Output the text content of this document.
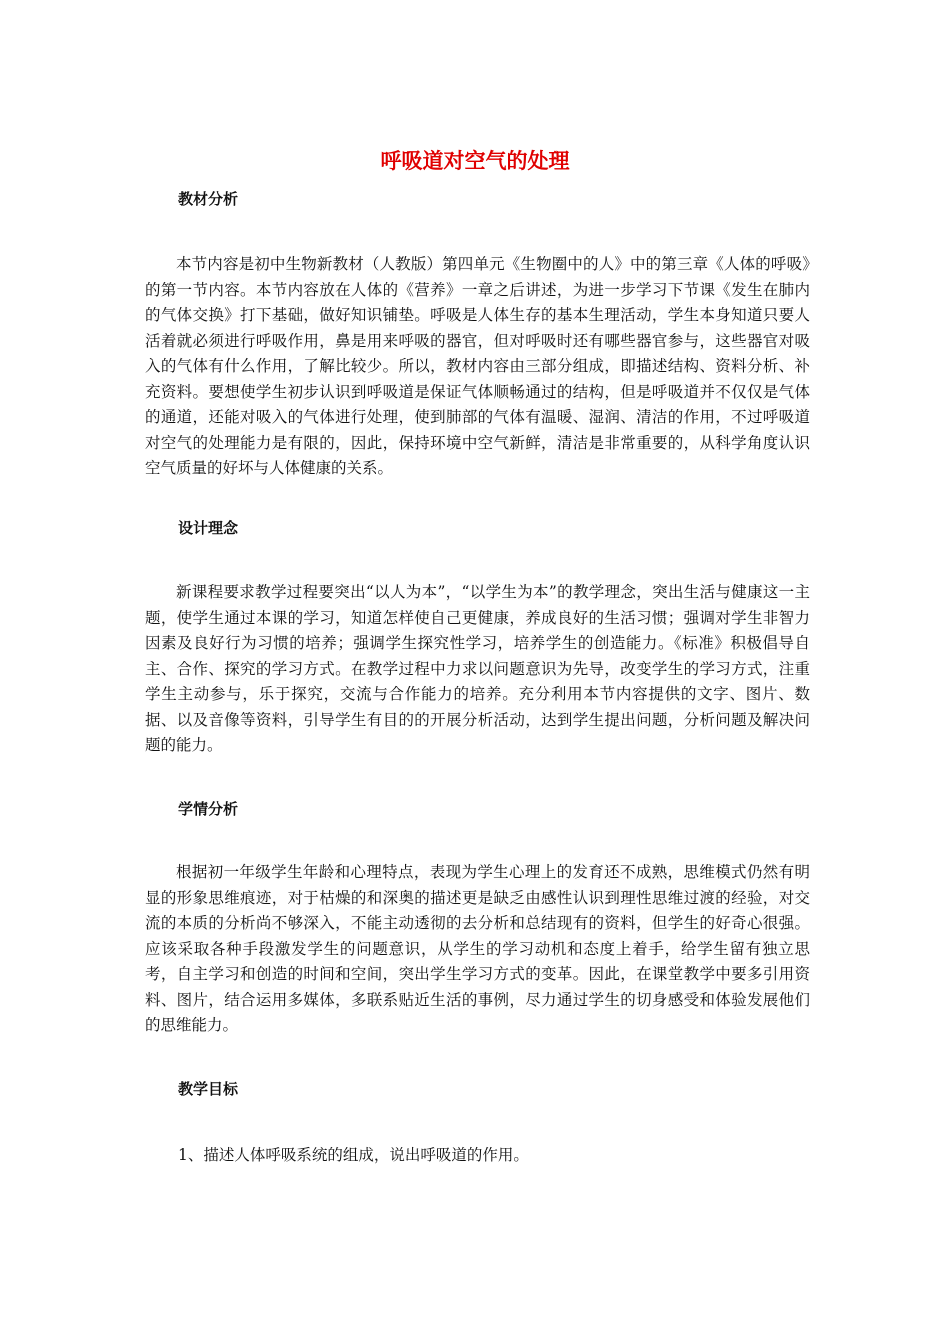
呼吸道对空气的处理
教材分析
本节内容是初中生物新教材（人教版）第四单元《生物圈中的人》中的第三章《人体的呼吸》的第一节内容。本节内容放在人体的《营养》一章之后讲述，为进一步学习下节课《发生在肺内的气体交换》打下基础，做好知识铺垫。呼吸是人体生存的基本生理活动，学生本身知道只要人活着就必须进行呼吸作用，鼻是用来呼吸的器官，但对呼吸时还有哪些器官参与，这些器官对吸入的气体有什么作用，了解比较少。所以，教材内容由三部分组成，即描述结构、资料分析、补充资料。要想使学生初步认识到呼吸道是保证气体顺畅通过的结构，但是呼吸道并不仅仅是气体的通道，还能对吸入的气体进行处理，使到肺部的气体有温暖、湿润、清洁的作用，不过呼吸道对空气的处理能力是有限的，因此，保持环境中空气新鲜，清洁是非常重要的，从科学角度认识空气质量的好坏与人体健康的关系。
设计理念
新课程要求教学过程要突出“以人为本”，“以学生为本”的教学理念，突出生活与健康这一主题，使学生通过本课的学习，知道怎样使自己更健康，养成良好的生活习惯；强调对学生非智力因素及良好行为习惯的培养；强调学生探究性学习，培养学生的创造能力。《标准》积极倡导自主、合作、探究的学习方式。在教学过程中力求以问题意识为先导，改变学生的学习方式，注重学生主动参与，乐于探究，交流与合作能力的培养。充分利用本节内容提供的文字、图片、数据、以及音像等资料，引导学生有目的的开展分析活动，达到学生提出问题，分析问题及解决问题的能力。
学情分析
根据初一年级学生年龄和心理特点，表现为学生心理上的发育还不成熟，思维模式仍然有明显的形象思维痕迹，对于枯燥的和深奥的描述更是缺乏由感性认识到理性思维过渡的经验，对交流的本质的分析尚不够深入，不能主动透彻的去分析和总结现有的资料，但学生的好奇心很强。应该采取各种手段激发学生的问题意识，从学生的学习动机和态度上着手，给学生留有独立思考，自主学习和创造的时间和空间，突出学生学习方式的变革。因此，在课堂教学中要多引用资料、图片，结合运用多媒体，多联系贴近生活的事例，尽力通过学生的切身感受和体验发展他们的思维能力。
教学目标
1、描述人体呼吸系统的组成，说出呼吸道的作用。
